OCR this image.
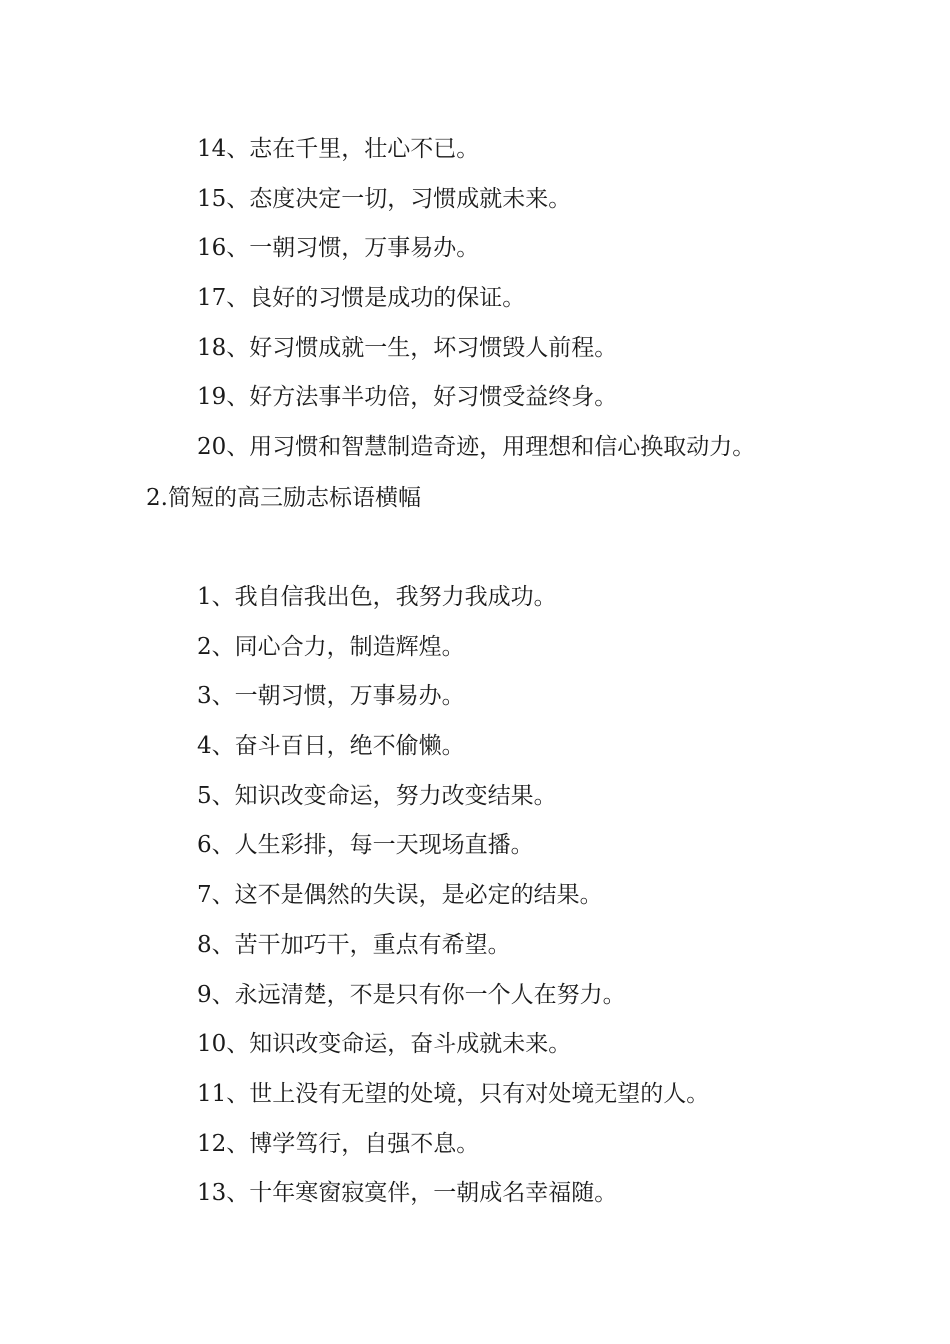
14、志在千里，壮心不已。
15、态度决定一切，习惯成就未来。
16、一朝习惯，万事易办。
17、良好的习惯是成功的保证。
18、好习惯成就一生，坏习惯毁人前程。
19、好方法事半功倍，好习惯受益终身。
20、用习惯和智慧制造奇迹，用理想和信心换取动力。
2.简短的高三励志标语横幅
1、我自信我出色，我努力我成功。
2、同心合力，制造辉煌。
3、一朝习惯，万事易办。
4、奋斗百日，绝不偷懒。
5、知识改变命运，努力改变结果。
6、人生彩排，每一天现场直播。
7、这不是偶然的失误，是必定的结果。
8、苦干加巧干，重点有希望。
9、永远清楚，不是只有你一个人在努力。
10、知识改变命运，奋斗成就未来。
11、世上没有无望的处境，只有对处境无望的人。
12、博学笃行，自强不息。
13、十年寒窗寂寞伴，一朝成名幸福随。
